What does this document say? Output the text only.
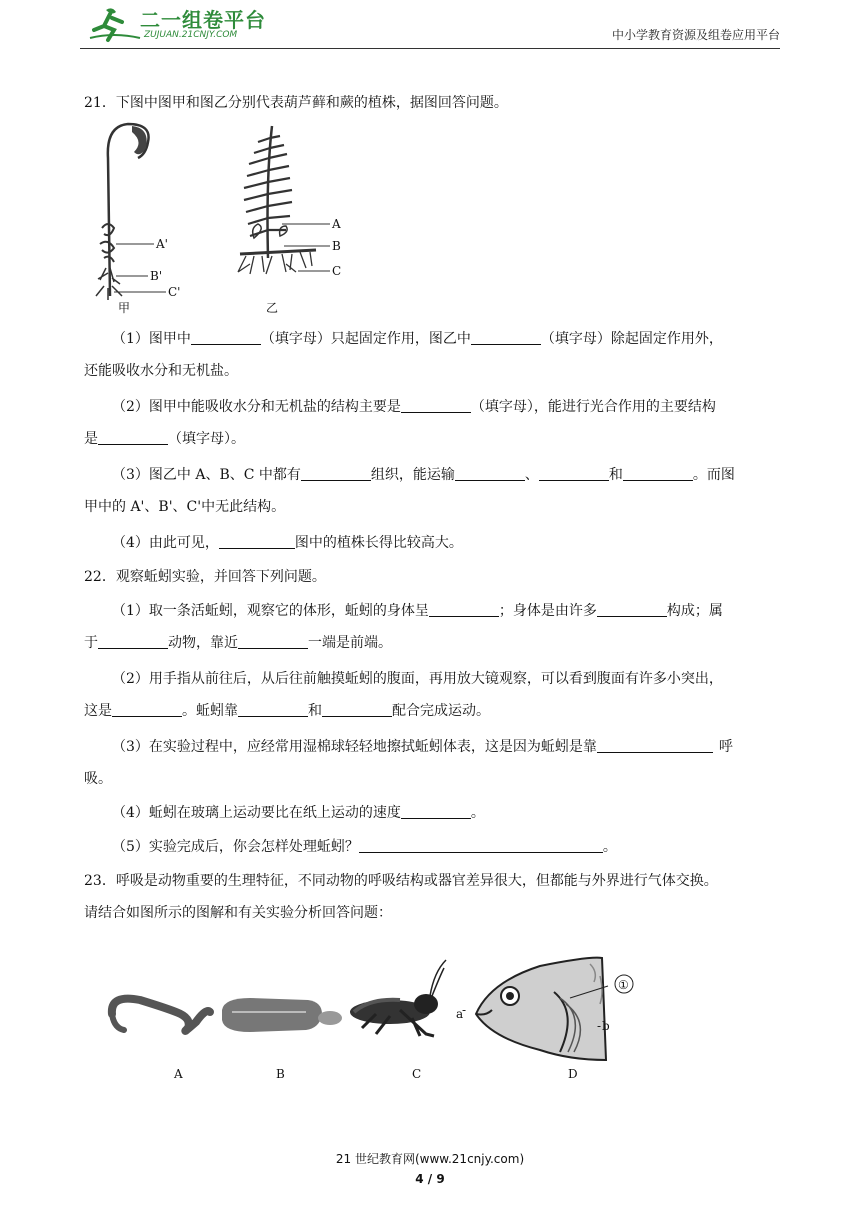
二一组卷平台
ZUJUAN.21CNJY.COM	中小学教育资源及组卷应用平台
21．下图中图甲和图乙分别代表葫芦藓和蕨的植株，据图回答问题。
A'
B'
C'
甲
A
B
C
乙
（1）图甲中	（填字母）只起固定作用，图乙中	（填字母）除起固定作用外，
还能吸收水分和无机盐。
（2）图甲中能吸收水分和无机盐的结构主要是	（填字母），能进行光合作用的主要结构
是	（填字母）。
（3）图乙中 A、B、C 中都有	组织，能运输	、	和	。而图
甲中的 A'、B'、C'中无此结构。
（4）由此可见，	图中的植株长得比较高大。
22．观察蚯蚓实验，并回答下列问题。
（1）取一条活蚯蚓，观察它的体形，蚯蚓的身体呈	；身体是由许多	构成；属
于	动物，靠近	一端是前端。
（2）用手指从前往后，从后往前触摸蚯蚓的腹面，再用放大镜观察，可以看到腹面有许多小突出，
这是	。蚯蚓靠	和	配合完成运动。
（3）在实验过程中，应经常用湿棉球轻轻地擦拭蚯蚓体表，这是因为蚯蚓是靠	呼
吸。
（4）蚯蚓在玻璃上运动要比在纸上运动的速度	。
（5）实验完成后，你会怎样处理蚯蚓？	。
23．呼吸是动物重要的生理特征，不同动物的呼吸结构或器官差异很大，但都能与外界进行气体交换。
请结合如图所示的图解和有关实验分析回答问题：
A	B	C
a
-
- b
①
D
21 世纪教育网(www.21cnjy.com)
4 / 9
